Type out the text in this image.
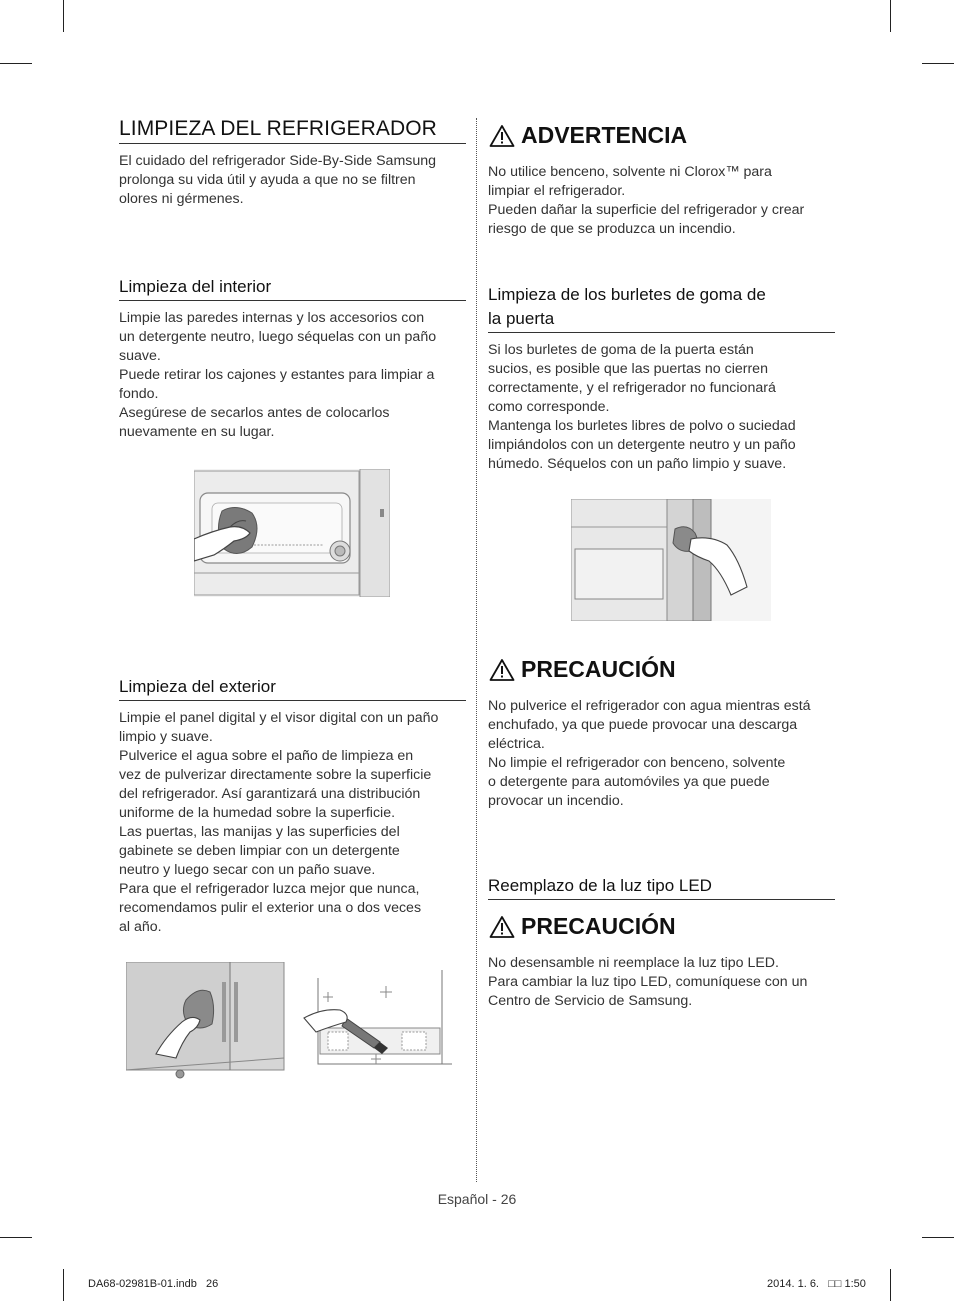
LIMPIEZA DEL REFRIGERADOR

El cuidado del refrigerador Side-By-Side Samsung

prolonga su vida útil y ayuda a que no se filtren

olores ni gérmenes.

Limpieza del interior

Limpie las paredes internas y los accesorios con

un detergente neutro, luego séquelas con un paño

suave.

Puede retirar los cajones y estantes para limpiar a

fondo.

Asegúrese de secarlos antes de colocarlos

nuevamente en su lugar.

Limpieza del exterior

Limpie el panel digital y el visor digital con un paño

limpio y suave.

Pulverice el agua sobre el paño de limpieza en

vez de pulverizar directamente sobre la superficie

del refrigerador. Así garantizará una distribución

uniforme de la humedad sobre la superficie.

Las puertas, las manijas y las superficies del

gabinete se deben limpiar con un detergente

neutro y luego secar con un paño suave.

Para que el refrigerador luzca mejor que nunca,

recomendamos pulir el exterior una o dos veces

al año.

ADVERTENCIA

No utilice benceno, solvente ni Clorox™ para

limpiar el refrigerador.

Pueden dañar la superficie del refrigerador y crear

riesgo de que se produzca un incendio.

Limpieza de los burletes de goma de
la puerta

Si los burletes de goma de la puerta están

sucios, es posible que las puertas no cierren

correctamente, y el refrigerador no funcionará

como corresponde.

Mantenga los burletes libres de polvo o suciedad

limpiándolos con un detergente neutro y un paño

húmedo. Séquelos con un paño limpio y suave.

PRECAUCIÓN

No pulverice el refrigerador con agua mientras está

enchufado, ya que puede provocar una descarga

eléctrica.

No limpie el refrigerador con benceno, solvente

o detergente para automóviles ya que puede

provocar un incendio.

Reemplazo de la luz tipo LED
PRECAUCIÓN

No desensamble ni reemplace la luz tipo LED.

Para cambiar la luz tipo LED, comuníquese con un

Centro de Servicio de Samsung.

Español - 26
DA68-02981B-01.indb   26	2014. 1. 6.   □□ 1:50
